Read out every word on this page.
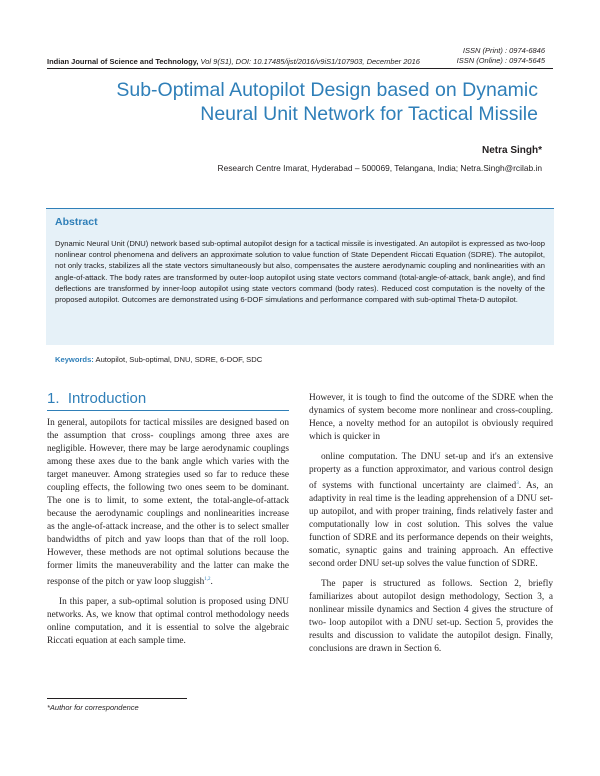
ISSN (Print) : 0974-6846
ISSN (Online) : 0974-5645
Indian Journal of Science and Technology, Vol 9(S1), DOI: 10.17485/ijst/2016/v9iS1/107903, December 2016
Sub-Optimal Autopilot Design based on Dynamic
Neural Unit Network for Tactical Missile
Netra Singh*
Research Centre Imarat, Hyderabad – 500069, Telangana, India; Netra.Singh@rcilab.in
Abstract
Dynamic Neural Unit (DNU) network based sub-optimal autopilot design for a tactical missile is investigated. An autopilot is expressed as two-loop nonlinear control phenomena and delivers an approximate solution to value function of State Dependent Riccati Equation (SDRE). The autopilot, not only tracks, stabilizes all the state vectors simultaneously but also, compensates the austere aerodynamic coupling and nonlinearities with an angle-of-attack. The body rates are transformed by outer-loop autopilot using state vectors command (total-angle-of-attack, bank angle), and find deflections are transformed by inner-loop autopilot using state vectors command (body rates). Reduced cost computation is the novelty of the proposed autopilot. Outcomes are demonstrated using 6-DOF simulations and performance compared with sub-optimal Theta-D autopilot.
Keywords: Autopilot, Sub-optimal, DNU, SDRE, 6-DOF, SDC
1. Introduction

In general, autopilots for tactical missiles are designed based on the assumption that cross- couplings among three axes are negligible. However, there may be large aerodynamic couplings among these axes due to the bank angle which varies with the target maneuver. Among strategies used so far to reduce these coupling effects, the following two ones seem to be dominant. The one is to limit, to some extent, the total-angle-of-attack because the aerodynamic couplings and nonlinearities increase as the angle-of-attack increase, and the other is to select smaller bandwidths of pitch and yaw loops than that of the roll loop. However, these methods are not optimal solutions because the former limits the maneuverability and the latter can make the response of the pitch or yaw loop sluggish$^{1,2}$.

In this paper, a sub-optimal solution is proposed using DNU networks. As, we know that optimal control methodology needs online computation, and it is essential to solve the algebraic Riccati equation at each sample time.

However, it is tough to find the outcome of the SDRE when the dynamics of system become more nonlinear and cross-coupling. Hence, a novelty method for an autopilot is obviously required which is quicker in

online computation. The DNU set-up and it's an extensive property as a function approximator, and various control design of systems with functional uncertainty are claimed$^3$. As, an adaptivity in real time is the leading apprehension of a DNU set-up autopilot, and with proper training, finds relatively faster and computationally low in cost solution. This solves the value function of SDRE and its performance depends on their weights, somatic, synaptic gains and training approach. An effective second order DNU set-up solves the value function of SDRE.

The paper is structured as follows. Section 2, briefly familiarizes about autopilot design methodology, Section 3, a nonlinear missile dynamics and Section 4 gives the structure of two- loop autopilot with a DNU set-up. Section 5, provides the results and discussion to validate the autopilot design. Finally, conclusions are drawn in Section 6.

*Author for correspondence
